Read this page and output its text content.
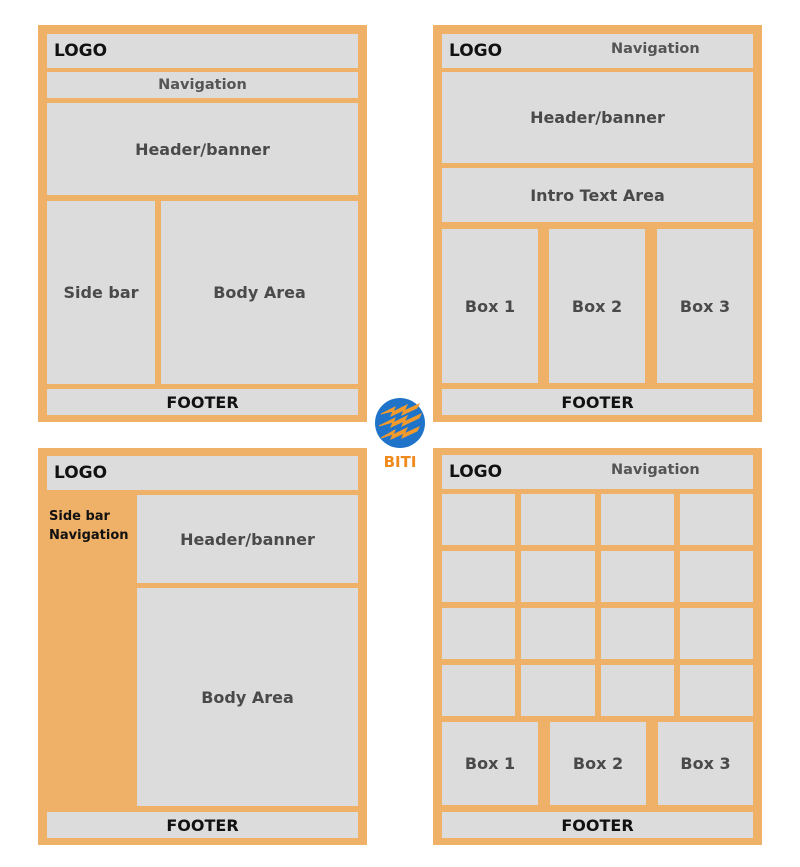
LOGO
Navigation
Header/banner
Side bar	Body Area
FOOTER
LOGO	Navigation
Header/banner
Intro Text Area
Box 1	Box 2	Box 3
FOOTER
LOGO
Side bar
Navigation	Header/banner
Body Area
FOOTER
LOGO	Navigation
Box 1	Box 2	Box 3
FOOTER
BITI
